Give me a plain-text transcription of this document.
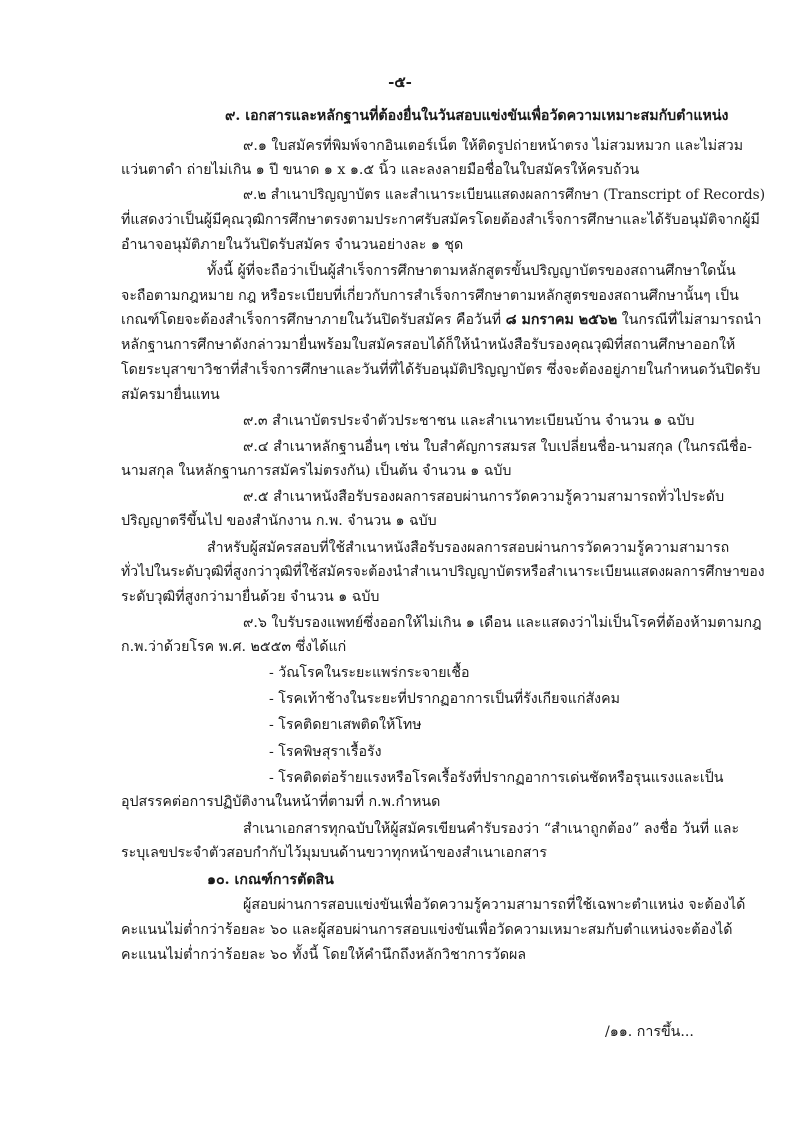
-๕-
๙. เอกสารและหลักฐานที่ต้องยื่นในวันสอบแข่งขันเพื่อวัดความเหมาะสมกับตำแหน่ง
๙.๑ ใบสมัครที่พิมพ์จากอินเตอร์เน็ต ให้ติดรูปถ่ายหน้าตรง ไม่สวมหมวก และไม่สวม
แว่นตาดำ ถ่ายไม่เกิน ๑ ปี ขนาด ๑ x ๑.๕ นิ้ว และลงลายมือชื่อในใบสมัครให้ครบถ้วน
๙.๒ สำเนาปริญญาบัตร และสำเนาระเบียนแสดงผลการศึกษา (Transcript of Records)
ที่แสดงว่าเป็นผู้มีคุณวุฒิการศึกษาตรงตามประกาศรับสมัครโดยต้องสำเร็จการศึกษาและได้รับอนุมัติจากผู้มี
อำนาจอนุมัติภายในวันปิดรับสมัคร จำนวนอย่างละ ๑ ชุด
ทั้งนี้ ผู้ที่จะถือว่าเป็นผู้สำเร็จการศึกษาตามหลักสูตรขั้นปริญญาบัตรของสถานศึกษาใดนั้น
จะถือตามกฎหมาย กฎ หรือระเบียบที่เกี่ยวกับการสำเร็จการศึกษาตามหลักสูตรของสถานศึกษานั้นๆ เป็น
เกณฑ์โดยจะต้องสำเร็จการศึกษาภายในวันปิดรับสมัคร คือวันที่ ๘ มกราคม ๒๕๖๒ ในกรณีที่ไม่สามารถนำ
หลักฐานการศึกษาดังกล่าวมายื่นพร้อมใบสมัครสอบได้ก็ให้นำหนังสือรับรองคุณวุฒิที่สถานศึกษาออกให้
โดยระบุสาขาวิชาที่สำเร็จการศึกษาและวันที่ที่ได้รับอนุมัติปริญญาบัตร ซึ่งจะต้องอยู่ภายในกำหนดวันปิดรับ
สมัครมายื่นแทน
๙.๓ สำเนาบัตรประจำตัวประชาชน และสำเนาทะเบียนบ้าน จำนวน ๑ ฉบับ
๙.๔ สำเนาหลักฐานอื่นๆ เช่น ใบสำคัญการสมรส ใบเปลี่ยนชื่อ-นามสกุล (ในกรณีชื่อ-
นามสกุล ในหลักฐานการสมัครไม่ตรงกัน) เป็นต้น จำนวน ๑ ฉบับ
๙.๕ สำเนาหนังสือรับรองผลการสอบผ่านการวัดความรู้ความสามารถทั่วไประดับ
ปริญญาตรีขึ้นไป ของสำนักงาน ก.พ. จำนวน ๑ ฉบับ
สำหรับผู้สมัครสอบที่ใช้สำเนาหนังสือรับรองผลการสอบผ่านการวัดความรู้ความสามารถ
ทั่วไปในระดับวุฒิที่สูงกว่าวุฒิที่ใช้สมัครจะต้องนำสำเนาปริญญาบัตรหรือสำเนาระเบียนแสดงผลการศึกษาของ
ระดับวุฒิที่สูงกว่ามายื่นด้วย จำนวน ๑ ฉบับ
๙.๖ ใบรับรองแพทย์ซึ่งออกให้ไม่เกิน ๑ เดือน และแสดงว่าไม่เป็นโรคที่ต้องห้ามตามกฎ
ก.พ.ว่าด้วยโรค พ.ศ. ๒๕๕๓ ซึ่งได้แก่
- วัณโรคในระยะแพร่กระจายเชื้อ
- โรคเท้าช้างในระยะที่ปรากฏอาการเป็นที่รังเกียจแก่สังคม
- โรคติดยาเสพติดให้โทษ
- โรคพิษสุราเรื้อรัง
- โรคติดต่อร้ายแรงหรือโรคเรื้อรังที่ปรากฏอาการเด่นชัดหรือรุนแรงและเป็น
อุปสรรคต่อการปฏิบัติงานในหน้าที่ตามที่ ก.พ.กำหนด
สำเนาเอกสารทุกฉบับให้ผู้สมัครเขียนคำรับรองว่า “สำเนาถูกต้อง” ลงชื่อ วันที่ และ
ระบุเลขประจำตัวสอบกำกับไว้มุมบนด้านขวาทุกหน้าของสำเนาเอกสาร
๑๐. เกณฑ์การตัดสิน
ผู้สอบผ่านการสอบแข่งขันเพื่อวัดความรู้ความสามารถที่ใช้เฉพาะตำแหน่ง จะต้องได้
คะแนนไม่ต่ำกว่าร้อยละ ๖๐ และผู้สอบผ่านการสอบแข่งขันเพื่อวัดความเหมาะสมกับตำแหน่งจะต้องได้
คะแนนไม่ต่ำกว่าร้อยละ ๖๐ ทั้งนี้ โดยให้คำนึกถึงหลักวิชาการวัดผล
/๑๑. การขึ้น...
